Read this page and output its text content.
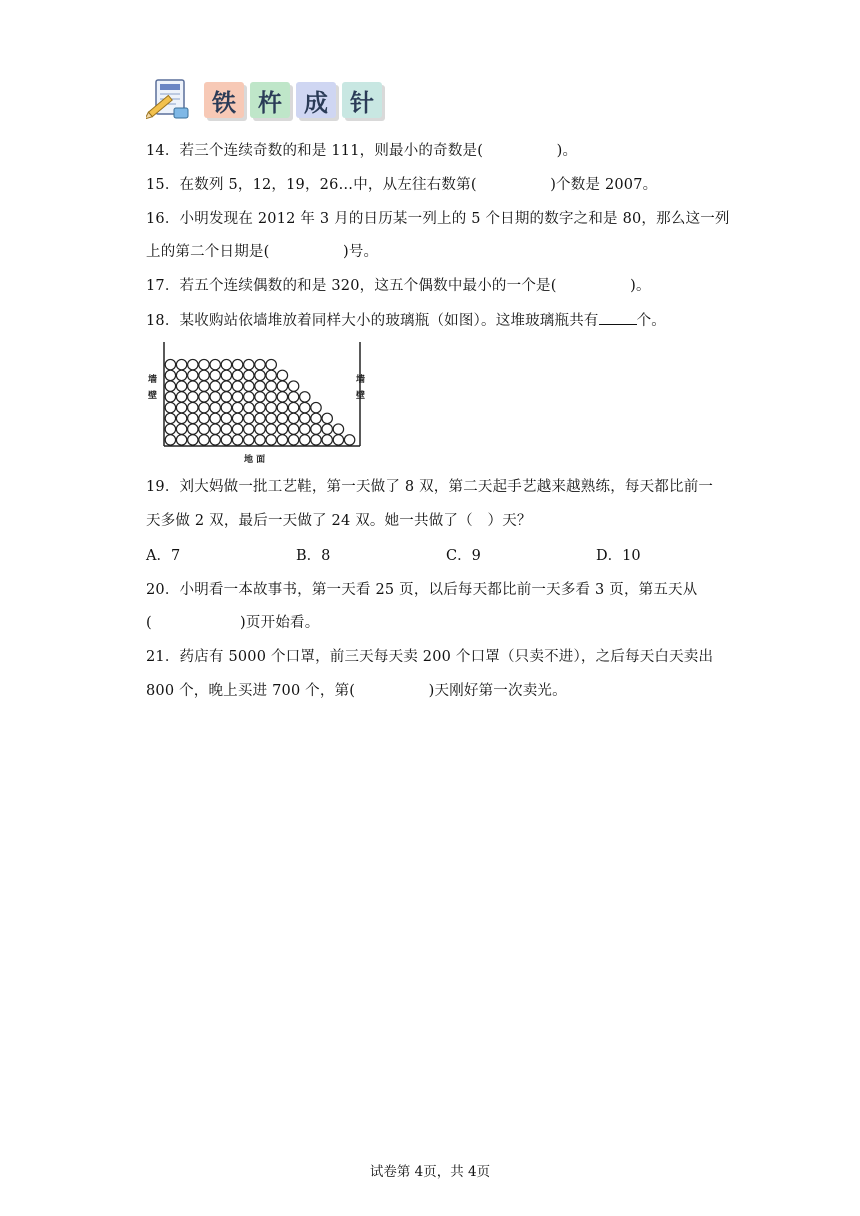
铁 杵 成 针
14．若三个连续奇数的和是 111，则最小的奇数是(　　　　　)。
15．在数列 5，12，19，26…中，从左往右数第(　　　　　)个数是 2007。
16．小明发现在 2012 年 3 月的日历某一列上的 5 个日期的数字之和是 80，那么这一列
上的第二个日期是(　　　　　)号。
17．若五个连续偶数的和是 320，这五个偶数中最小的一个是(　　　　　)。
18．某收购站依墙堆放着同样大小的玻璃瓶（如图）。这堆玻璃瓶共有	个。
墙
壁
墙
壁
地 面
19．刘大妈做一批工艺鞋，第一天做了 8 双，第二天起手艺越来越熟练，每天都比前一
天多做 2 双，最后一天做了 24 双。她一共做了（　）天？
A．7	B．8	C．9	D．10
20．小明看一本故事书，第一天看 25 页，以后每天都比前一天多看 3 页，第五天从
(　　　　　　)页开始看。
21．药店有 5000 个口罩，前三天每天卖 200 个口罩（只卖不进），之后每天白天卖出
800 个，晚上买进 700 个，第(　　　　　)天刚好第一次卖光。
试卷第 4页，共 4页
